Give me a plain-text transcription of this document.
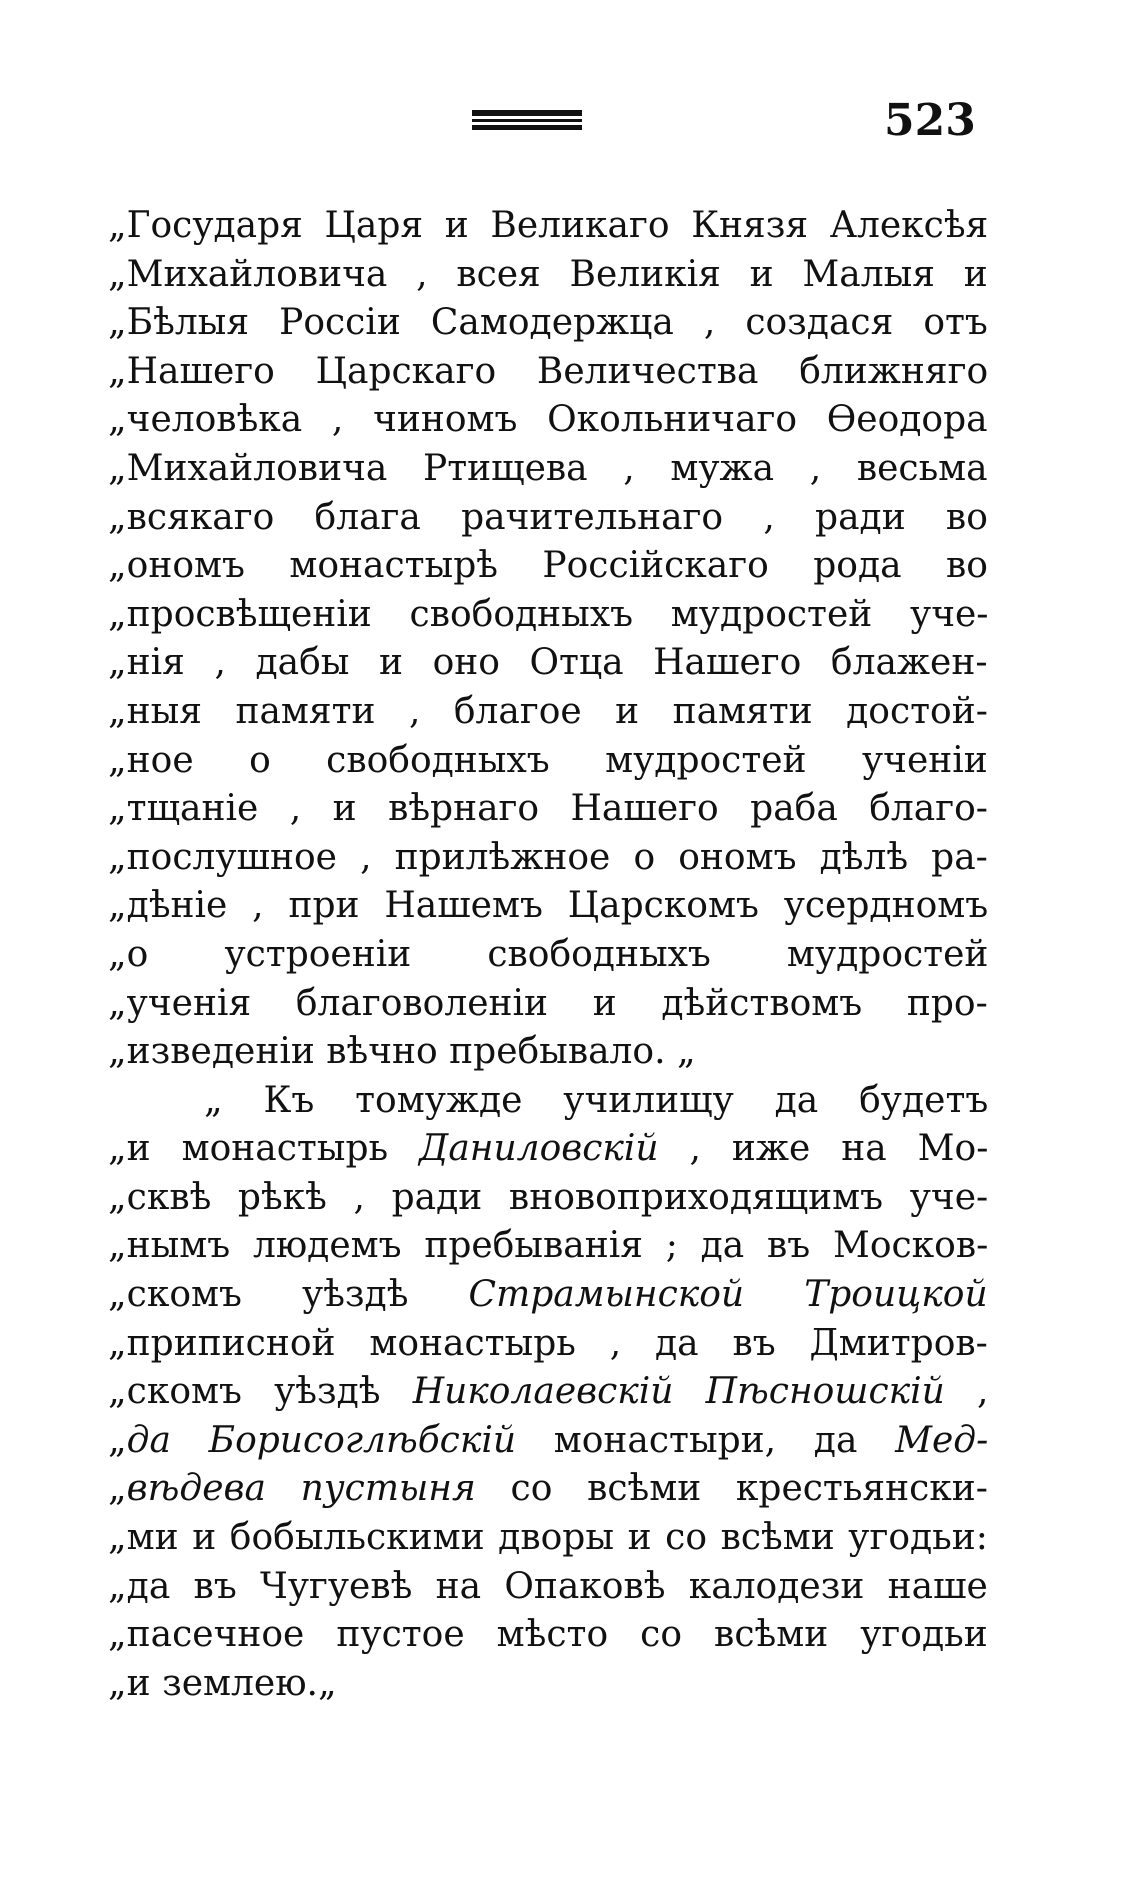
523
„Государя Царя и Великаго Князя Алексѣя
„Михайловича , всея Великія и Малыя и
„Бѣлыя Россіи Самодержца , создася отъ
„Нашего Царскаго Величества ближняго
„человѣка , чиномъ Окольничаго Ѳеодора
„Михайловича Ртищева , мужа , весьма
„всякаго блага рачительнаго , ради во
„ономъ монастырѣ Россійскаго рода во
„просвѣщеніи свободныхъ мудростей уче-
„нія , дабы и оно Отца Нашего блажен-
„ныя памяти , благое и памяти достой-
„ное о свободныхъ мудростей ученіи
„тщаніе , и вѣрнаго Нашего раба благо-
„послушное , прилѣжное о ономъ дѣлѣ ра-
„дѣніе , при Нашемъ Царскомъ усердномъ
„о устроеніи свободныхъ мудростей
„ученія благоволеніи и дѣйствомъ про-
„изведеніи вѣчно пребывало. „
„ Къ томужде училищу да будетъ
„и монастырь Даниловскій , иже на Мо-
„сквѣ рѣкѣ , ради вновоприходящимъ уче-
„нымъ людемъ пребыванія ; да въ Москов-
„скомъ уѣздѣ Страмынской Троицкой
„приписной монастырь , да въ Дмитров-
„скомъ уѣздѣ Николаевскій Пѣсношскій ,
„да Борисоглѣбскій монастыри, да Мед-
„вѣдева пустыня со всѣми крестьянски-
„ми и бобыльскими дворы и со всѣми угодьи:
„да въ Чугуевѣ на Опаковѣ калодези наше
„пасечное пустое мѣсто со всѣми угодьи
„и землею.„
